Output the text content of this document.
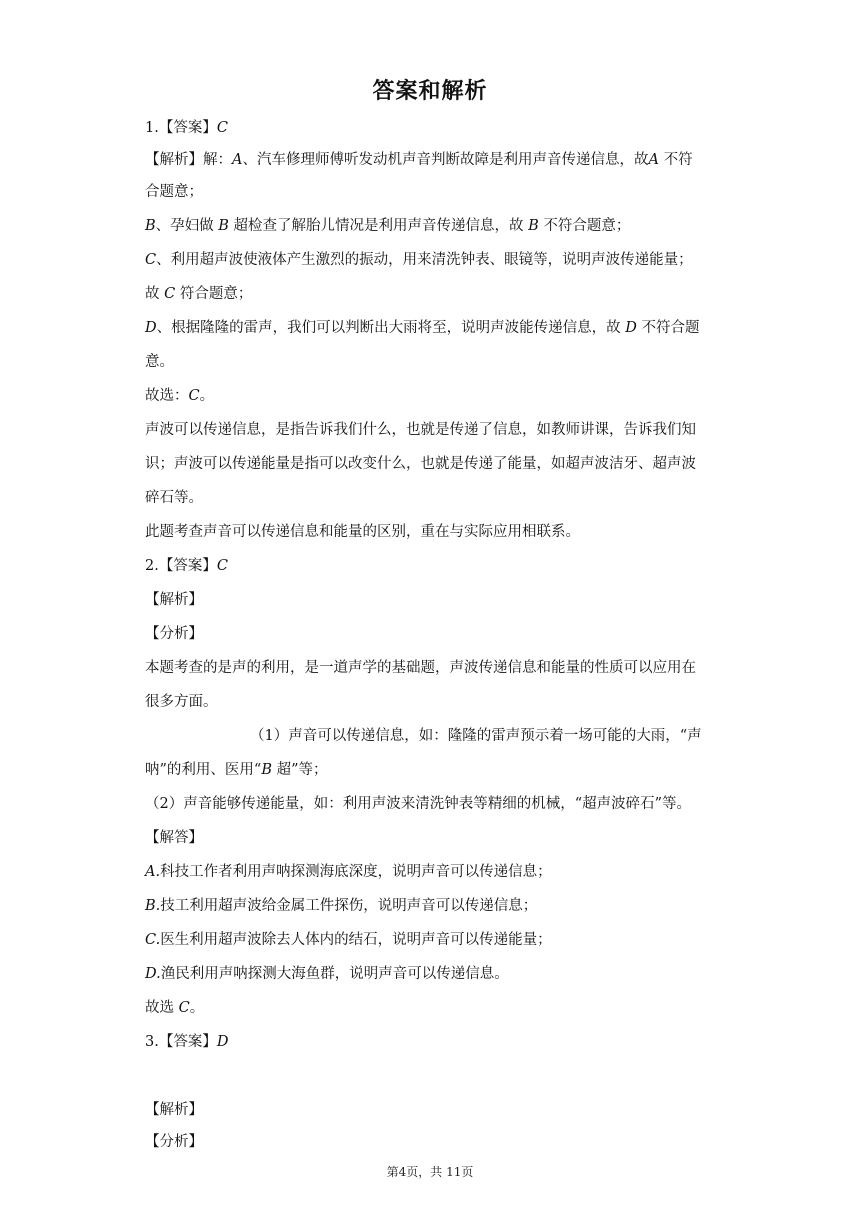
答案和解析
1.【答案】C
【解析】解：A、汽车修理师傅听发动机声音判断故障是利用声音传递信息，故A 不符
合题意；
B、孕妇做 B 超检查了解胎儿情况是利用声音传递信息，故 B 不符合题意；
C、利用超声波使液体产生激烈的振动，用来清洗钟表、眼镜等，说明声波传递能量；
故 C 符合题意；
D、根据隆隆的雷声，我们可以判断出大雨将至，说明声波能传递信息，故 D 不符合题
意。
故选：C。
声波可以传递信息，是指告诉我们什么，也就是传递了信息，如教师讲课，告诉我们知
识；声波可以传递能量是指可以改变什么，也就是传递了能量，如超声波洁牙、超声波
碎石等。
此题考查声音可以传递信息和能量的区别，重在与实际应用相联系。
2.【答案】C
【解析】
【分析】
本题考查的是声的利用，是一道声学的基础题，声波传递信息和能量的性质可以应用在
很多方面。
（1）声音可以传递信息，如：隆隆的雷声预示着一场可能的大雨，“声
呐”的利用、医用“B 超”等；
（2）声音能够传递能量，如：利用声波来清洗钟表等精细的机械，“超声波碎石”等。
【解答】
A.科技工作者利用声呐探测海底深度，说明声音可以传递信息；
B.技工利用超声波给金属工件探伤，说明声音可以传递信息；
C.医生利用超声波除去人体内的结石，说明声音可以传递能量；
D.渔民利用声呐探测大海鱼群，说明声音可以传递信息。
故选 C。
3.【答案】D
【解析】
【分析】
第4页，共 11页
